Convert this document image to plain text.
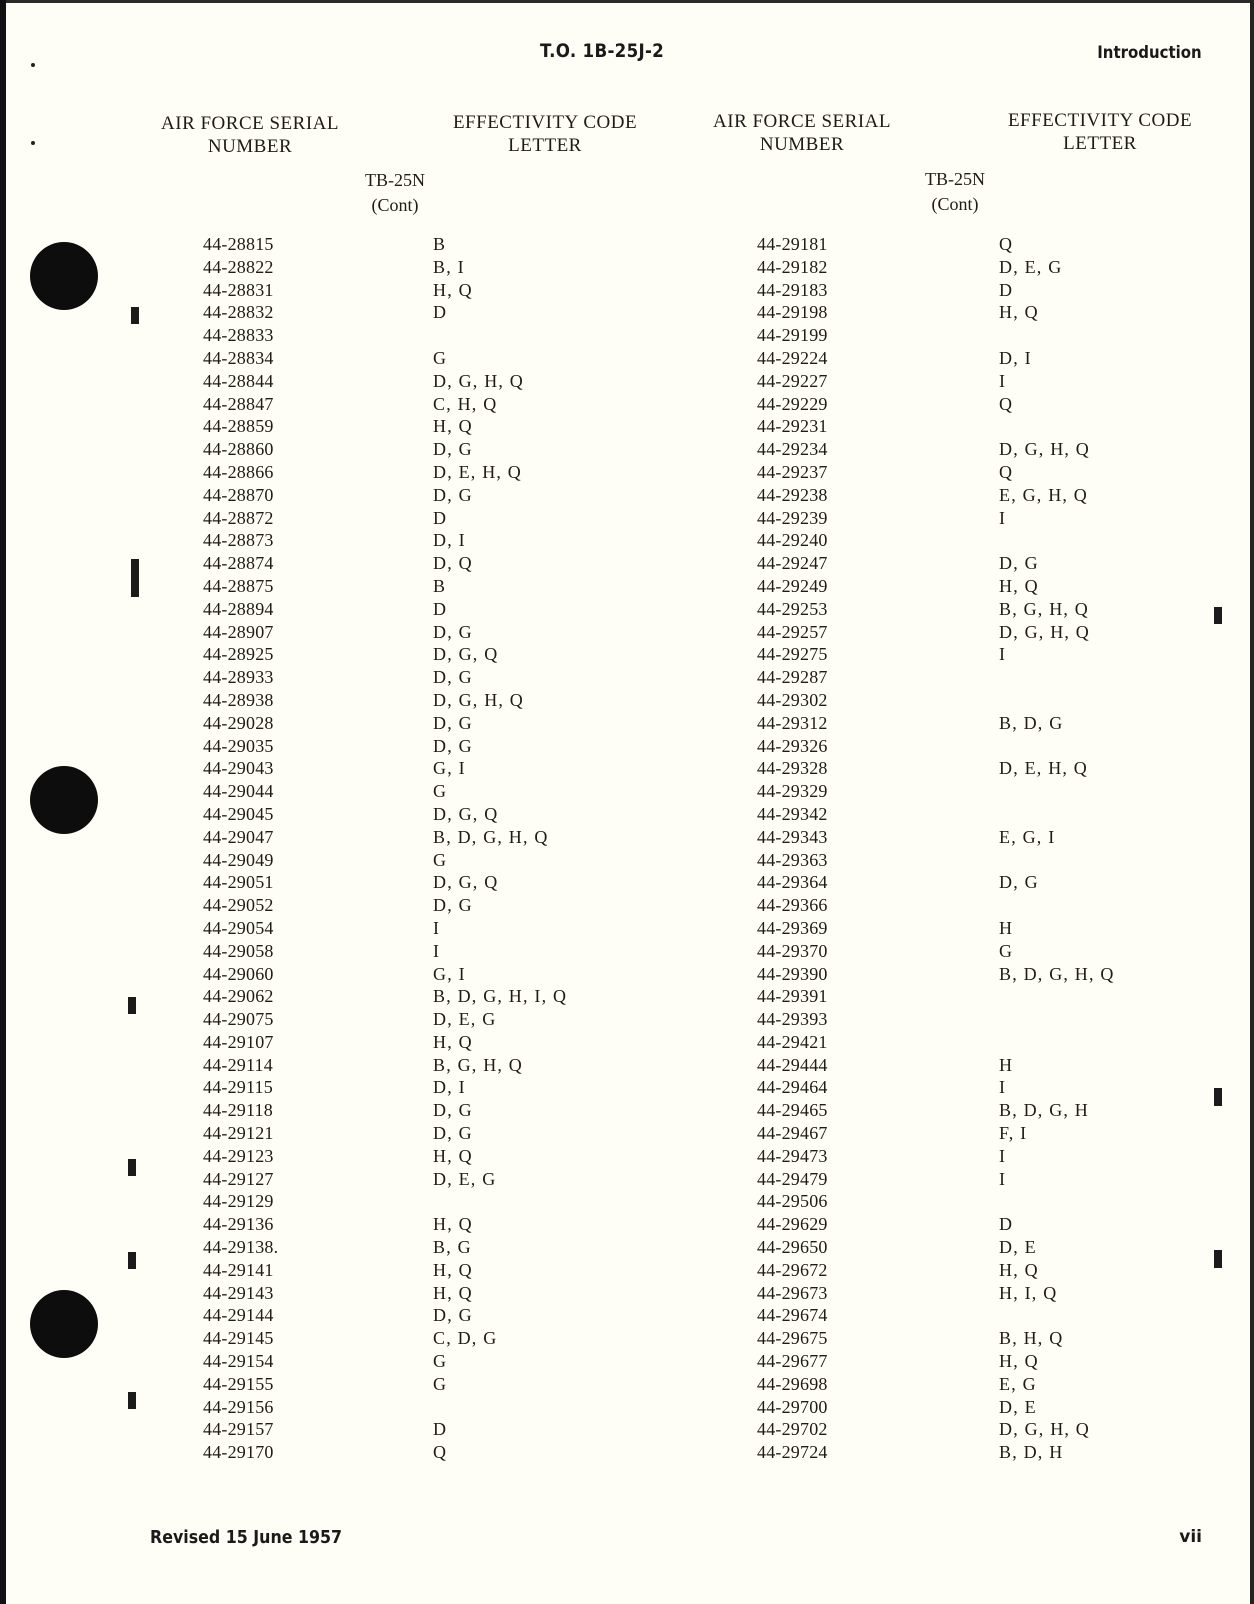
T.O. 1B-25J-2	Introduction
AIR FORCE SERIAL
NUMBER
EFFECTIVITY CODE
LETTER
TB-25N
(Cont)
AIR FORCE SERIAL
NUMBER
EFFECTIVITY CODE
LETTER
TB-25N
(Cont)
44-28815	B
44-28822	B, I
44-28831	H, Q
44-28832	D
44-28833
44-28834	G
44-28844	D, G, H, Q
44-28847	C, H, Q
44-28859	H, Q
44-28860	D, G
44-28866	D, E, H, Q
44-28870	D, G
44-28872	D
44-28873	D, I
44-28874	D, Q
44-28875	B
44-28894	D
44-28907	D, G
44-28925	D, G, Q
44-28933	D, G
44-28938	D, G, H, Q
44-29028	D, G
44-29035	D, G
44-29043	G, I
44-29044	G
44-29045	D, G, Q
44-29047	B, D, G, H, Q
44-29049	G
44-29051	D, G, Q
44-29052	D, G
44-29054	I
44-29058	I
44-29060	G, I
44-29062	B, D, G, H, I, Q
44-29075	D, E, G
44-29107	H, Q
44-29114	B, G, H, Q
44-29115	D, I
44-29118	D, G
44-29121	D, G
44-29123	H, Q
44-29127	D, E, G
44-29129
44-29136	H, Q
44-29138.	B, G
44-29141	H, Q
44-29143	H, Q
44-29144	D, G
44-29145	C, D, G
44-29154	G
44-29155	G
44-29156
44-29157	D
44-29170	Q
44-29181	Q
44-29182	D, E, G
44-29183	D
44-29198	H, Q
44-29199
44-29224	D, I
44-29227	I
44-29229	Q
44-29231
44-29234	D, G, H, Q
44-29237	Q
44-29238	E, G, H, Q
44-29239	I
44-29240
44-29247	D, G
44-29249	H, Q
44-29253	B, G, H, Q
44-29257	D, G, H, Q
44-29275	I
44-29287
44-29302
44-29312	B, D, G
44-29326
44-29328	D, E, H, Q
44-29329
44-29342
44-29343	E, G, I
44-29363
44-29364	D, G
44-29366
44-29369	H
44-29370	G
44-29390	B, D, G, H, Q
44-29391
44-29393
44-29421
44-29444	H
44-29464	I
44-29465	B, D, G, H
44-29467	F, I
44-29473	I
44-29479	I
44-29506
44-29629	D
44-29650	D, E
44-29672	H, Q
44-29673	H, I, Q
44-29674
44-29675	B, H, Q
44-29677	H, Q
44-29698	E, G
44-29700	D, E
44-29702	D, G, H, Q
44-29724	B, D, H
Revised 15 June 1957	vii
